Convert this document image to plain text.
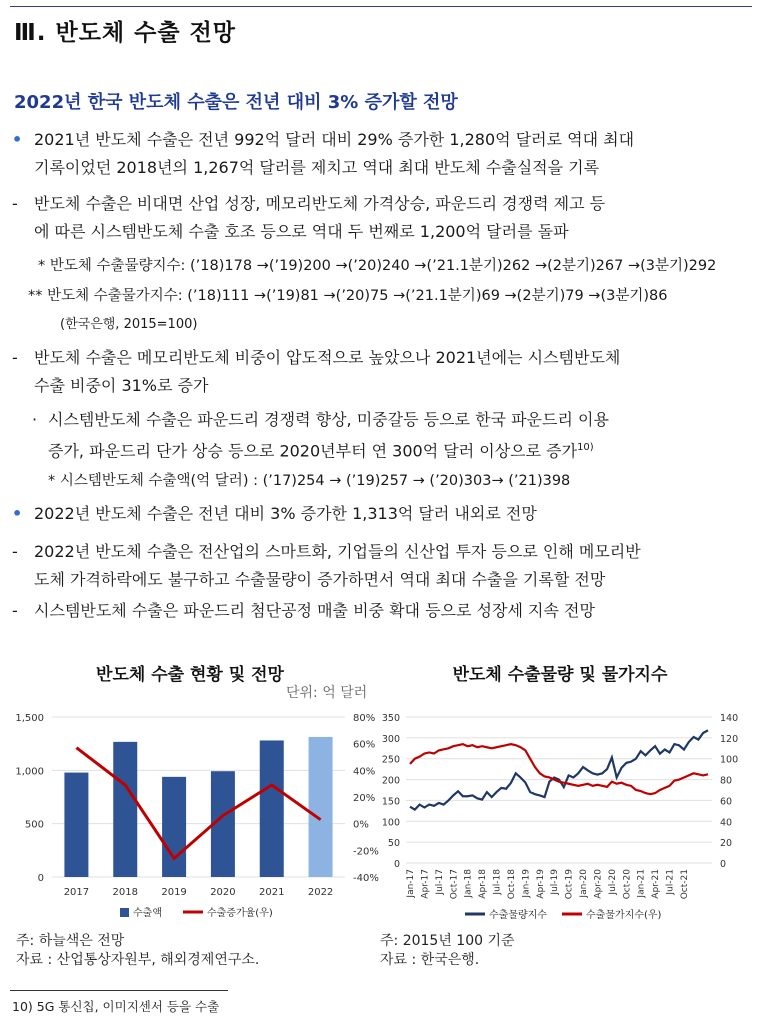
Ⅲ. 반도체 수출 전망
2022년 한국 반도체 수출은 전년 대비 3% 증가할 전망
• 2021년 반도체 수출은 전년 992억 달러 대비 29% 증가한 1,280억 달러로 역대 최대
기록이었던 2018년의 1,267억 달러를 제치고 역대 최대 반도체 수출실적을 기록
- 반도체 수출은 비대면 산업 성장, 메모리반도체 가격상승, 파운드리 경쟁력 제고 등
에 따른 시스템반도체 수출 호조 등으로 역대 두 번째로 1,200억 달러를 돌파
* 반도체 수출물량지수: (’18)178 →(’19)200 →(’20)240 →(’21.1분기)262 →(2분기)267 →(3분기)292
** 반도체 수출물가지수: (’18)111 →(’19)81 →(’20)75 →(’21.1분기)69 →(2분기)79 →(3분기)86
(한국은행, 2015=100)
- 반도체 수출은 메모리반도체 비중이 압도적으로 높았으나 2021년에는 시스템반도체
수출 비중이 31%로 증가
· 시스템반도체 수출은 파운드리 경쟁력 향상, 미중갈등 등으로 한국 파운드리 이용
증가, 파운드리 단가 상승 등으로 2020년부터 연 300억 달러 이상으로 증가$^{10)}$
* 시스템반도체 수출액(억 달러) : (’17)254 → (’19)257 → (’20)303→ (’21)398
• 2022년 반도체 수출은 전년 대비 3% 증가한 1,313억 달러 내외로 전망
- 2022년 반도체 수출은 전산업의 스마트화, 기업들의 신산업 투자 등으로 인해 메모리반
도체 가격하락에도 불구하고 수출물량이 증가하면서 역대 최대 수출을 기록할 전망
- 시스템반도체 수출은 파운드리 첨단공정 매출 비중 확대 등으로 성장세 지속 전망
반도체 수출 현황 및 전망
단위: 억 달러
0
500
1,000
1,500
-40%
-20%
0%
20%
40%
60%
80%
2017 2018 2019 2020 2021 2022
수출액	수출증가율(우)
주: 하늘색은 전망
자료 : 산업통상자원부, 해외경제연구소.
반도체 수출물량 및 물가지수
0
50
100
150
200
250
300
350
0
20
40
60
80
100
120
140
Jan-17 Apr-17 Jul-17 Oct-17 Jan-18 Apr-18 Jul-18 Oct-18 Jan-19 Apr-19 Jul-19 Oct-19 Jan-20 Apr-20 Jul-20 Oct-20 Jan-21 Apr-21 Jul-21 Oct-21
수출물량지수	수출물가지수(우)
주: 2015년 100 기준
자료 : 한국은행.
10) 5G 통신칩, 이미지센서 등을 수출
